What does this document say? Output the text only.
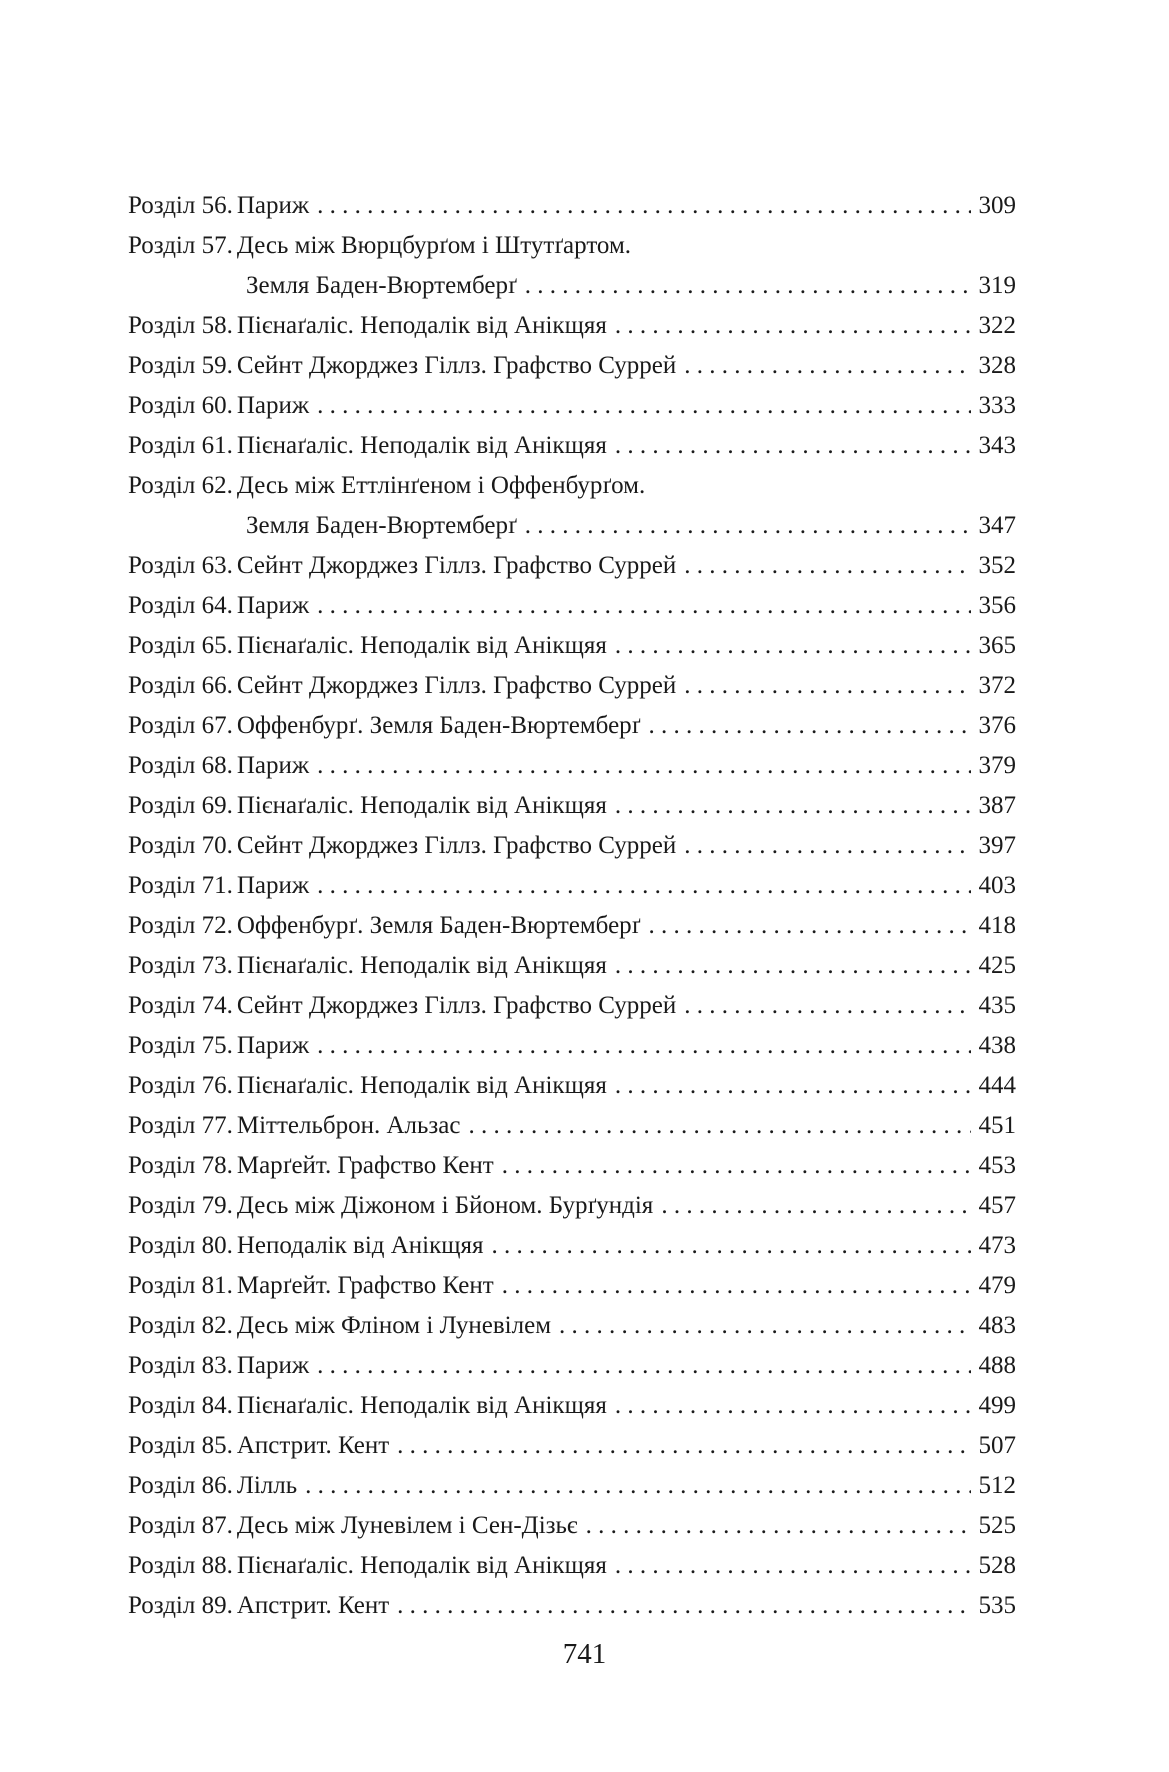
Розділ 56. Париж . . .	309
Розділ 57. Десь між Вюрцбурґом і Штутґартом.
Земля Баден-Вюртемберґ . . .	319
Розділ 58. Пієнаґаліс. Неподалік від Анікщяя . . .	322
Розділ 59. Сейнт Джорджез Гіллз. Графство Суррей . . .	328
Розділ 60. Париж . . .	333
Розділ 61. Пієнаґаліс. Неподалік від Анікщяя . . .	343
Розділ 62. Десь між Еттлінґеном і Оффенбурґом.
Земля Баден-Вюртемберґ . . .	347
Розділ 63. Сейнт Джорджез Гіллз. Графство Суррей . . .	352
Розділ 64. Париж . . .	356
Розділ 65. Пієнаґаліс. Неподалік від Анікщяя . . .	365
Розділ 66. Сейнт Джорджез Гіллз. Графство Суррей . . .	372
Розділ 67. Оффенбурґ. Земля Баден-Вюртемберґ . . .	376
Розділ 68. Париж . . .	379
Розділ 69. Пієнаґаліс. Неподалік від Анікщяя . . .	387
Розділ 70. Сейнт Джорджез Гіллз. Графство Суррей . . .	397
Розділ 71. Париж . . .	403
Розділ 72. Оффенбурґ. Земля Баден-Вюртемберґ . . .	418
Розділ 73. Пієнаґаліс. Неподалік від Анікщяя . . .	425
Розділ 74. Сейнт Джорджез Гіллз. Графство Суррей . . .	435
Розділ 75. Париж . . .	438
Розділ 76. Пієнаґаліс. Неподалік від Анікщяя . . .	444
Розділ 77. Міттельброн. Альзас . . .	451
Розділ 78. Марґейт. Графство Кент . . .	453
Розділ 79. Десь між Діжоном і Бйоном. Бурґундія . . .	457
Розділ 80. Неподалік від Анікщяя . . .	473
Розділ 81. Марґейт. Графство Кент . . .	479
Розділ 82. Десь між Фліном і Луневілем . . .	483
Розділ 83. Париж . . .	488
Розділ 84. Пієнаґаліс. Неподалік від Анікщяя . . .	499
Розділ 85. Апстрит. Кент . . .	507
Розділ 86. Лілль . . .	512
Розділ 87. Десь між Луневілем і Сен-Дізьє . . .	525
Розділ 88. Пієнаґаліс. Неподалік від Анікщяя . . .	528
Розділ 89. Апстрит. Кент . . .	535
741
